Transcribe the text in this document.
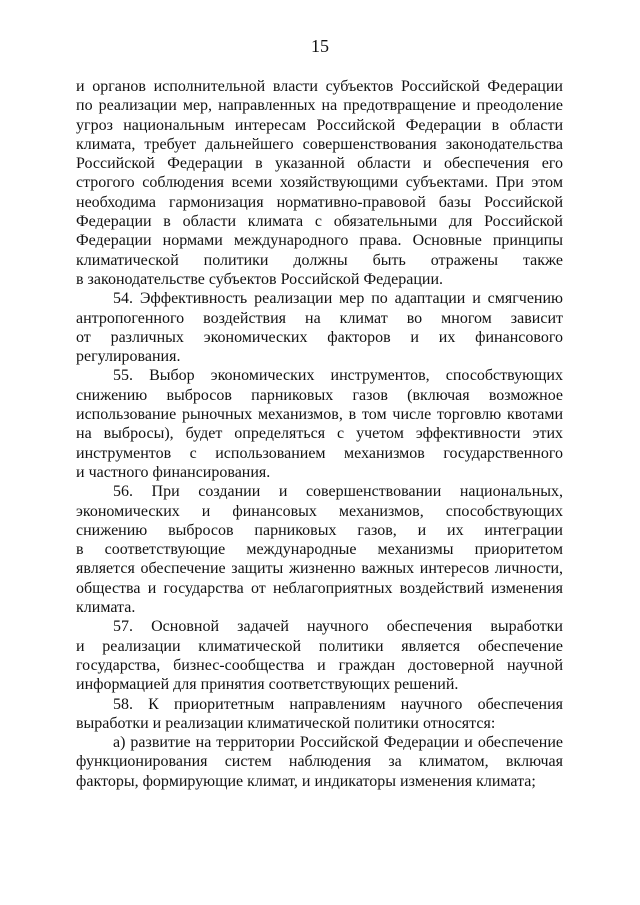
15
и органов исполнительной власти субъектов Российской Федерации
по реализации мер, направленных на предотвращение и преодоление
угроз национальным интересам Российской Федерации в области
климата, требует дальнейшего совершенствования законодательства
Российской Федерации в указанной области и обеспечения его
строгого соблюдения всеми хозяйствующими субъектами. При этом
необходима гармонизация нормативно-правовой базы Российской
Федерации в области климата с обязательными для Российской
Федерации нормами международного права. Основные принципы
климатической политики должны быть отражены также
в законодательстве субъектов Российской Федерации.
54. Эффективность реализации мер по адаптации и смягчению
антропогенного воздействия на климат во многом зависит
от различных экономических факторов и их финансового
регулирования.
55. Выбор экономических инструментов, способствующих
снижению выбросов парниковых газов (включая возможное
использование рыночных механизмов, в том числе торговлю квотами
на выбросы), будет определяться с учетом эффективности этих
инструментов с использованием механизмов государственного
и частного финансирования.
56. При создании и совершенствовании национальных,
экономических и финансовых механизмов, способствующих
снижению выбросов парниковых газов, и их интеграции
в соответствующие международные механизмы приоритетом
является обеспечение защиты жизненно важных интересов личности,
общества и государства от неблагоприятных воздействий изменения
климата.
57. Основной задачей научного обеспечения выработки
и реализации климатической политики является обеспечение
государства, бизнес-сообщества и граждан достоверной научной
информацией для принятия соответствующих решений.
58. К приоритетным направлениям научного обеспечения
выработки и реализации климатической политики относятся:
а) развитие на территории Российской Федерации и обеспечение
функционирования систем наблюдения за климатом, включая
факторы, формирующие климат, и индикаторы изменения климата;
